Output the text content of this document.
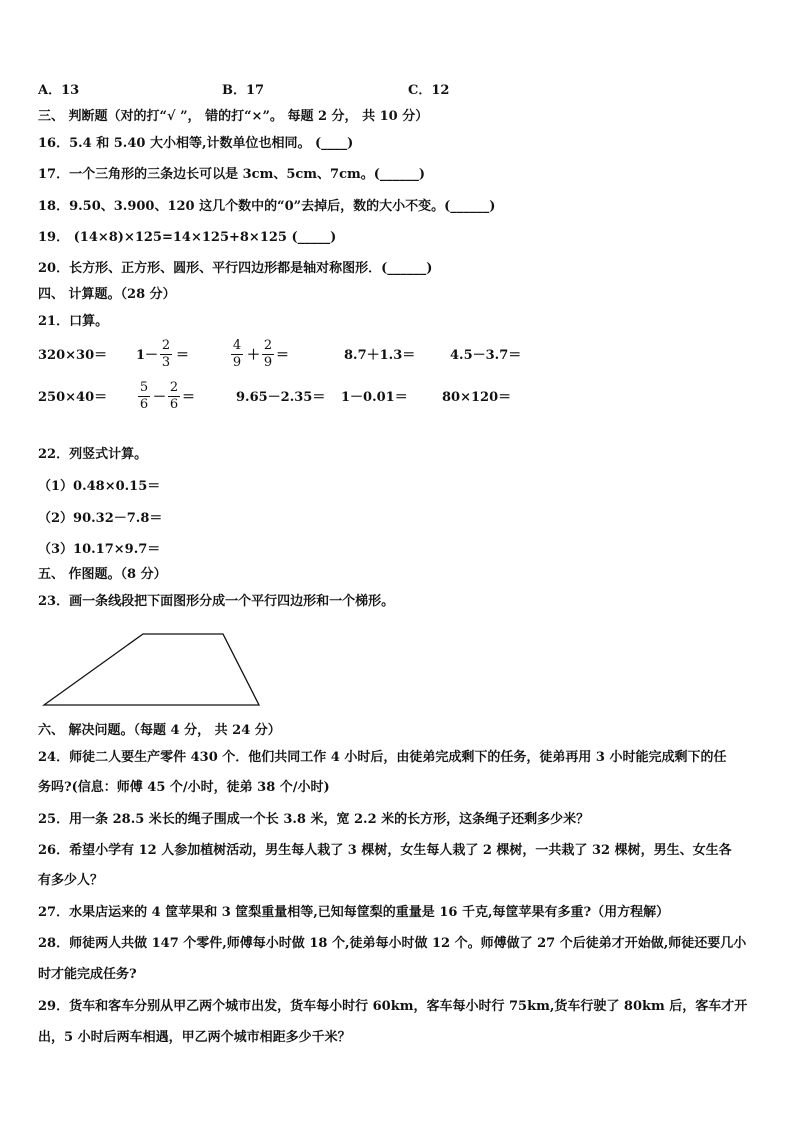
A．13	B．17	C．12
三、 判断题（对的打“√ ”， 错的打“×”。 每题 2 分， 共 10 分）
16．5.4 和 5.40 大小相等,计数单位也相同。 (____)
17．一个三角形的三条边长可以是 3cm、5cm、7cm。(______)
18．9.50、3.900、120 这几个数中的“0”去掉后，数的大小不变。(______)
19． (14×8)×125=14×125+8×125 (_____)
20．长方形、正方形、圆形、平行四边形都是轴对称图形．(______)
四、 计算题。（28 分）
21．口算。
$320\times 30= 1- \frac{2}{3}$ ＝	$\frac{4}{9} + \frac{2}{9}$ ＝	8.7＋1.3＝	4.5－3.7＝
$250\times 40= \frac{5}{6} - \frac{2}{6}$ ＝	9.65－2.35＝ 1－0.01＝	80×120＝
22．列竖式计算。
（1）0.48×0.15＝
（2）90.32－7.8＝
（3）10.17×9.7＝
五、 作图题。（8 分）
23．画一条线段把下面图形分成一个平行四边形和一个梯形。
六、 解决问题。（每题 4 分， 共 24 分）
24．师徒二人要生产零件 430 个．他们共同工作 4 小时后，由徒弟完成剩下的任务，徒弟再用 3 小时能完成剩下的任
务吗?(信息：师傅 45 个/小时，徒弟 38 个/小时)
25．用一条 28.5 米长的绳子围成一个长 3.8 米，宽 2.2 米的长方形，这条绳子还剩多少米？
26．希望小学有 12 人参加植树活动，男生每人栽了 3 棵树，女生每人栽了 2 棵树，一共栽了 32 棵树，男生、女生各
有多少人？
27．水果店运来的 4 筐苹果和 3 筐梨重量相等,已知每筐梨的重量是 16 千克,每筐苹果有多重?（用方程解）
28．师徒两人共做 147 个零件,师傅每小时做 18 个,徒弟每小时做 12 个。师傅做了 27 个后徒弟才开始做,师徒还要几小
时才能完成任务?
29．货车和客车分别从甲乙两个城市出发，货车每小时行 60km，客车每小时行 75km,货车行驶了 80km 后，客车才开
出，5 小时后两车相遇，甲乙两个城市相距多少千米？
